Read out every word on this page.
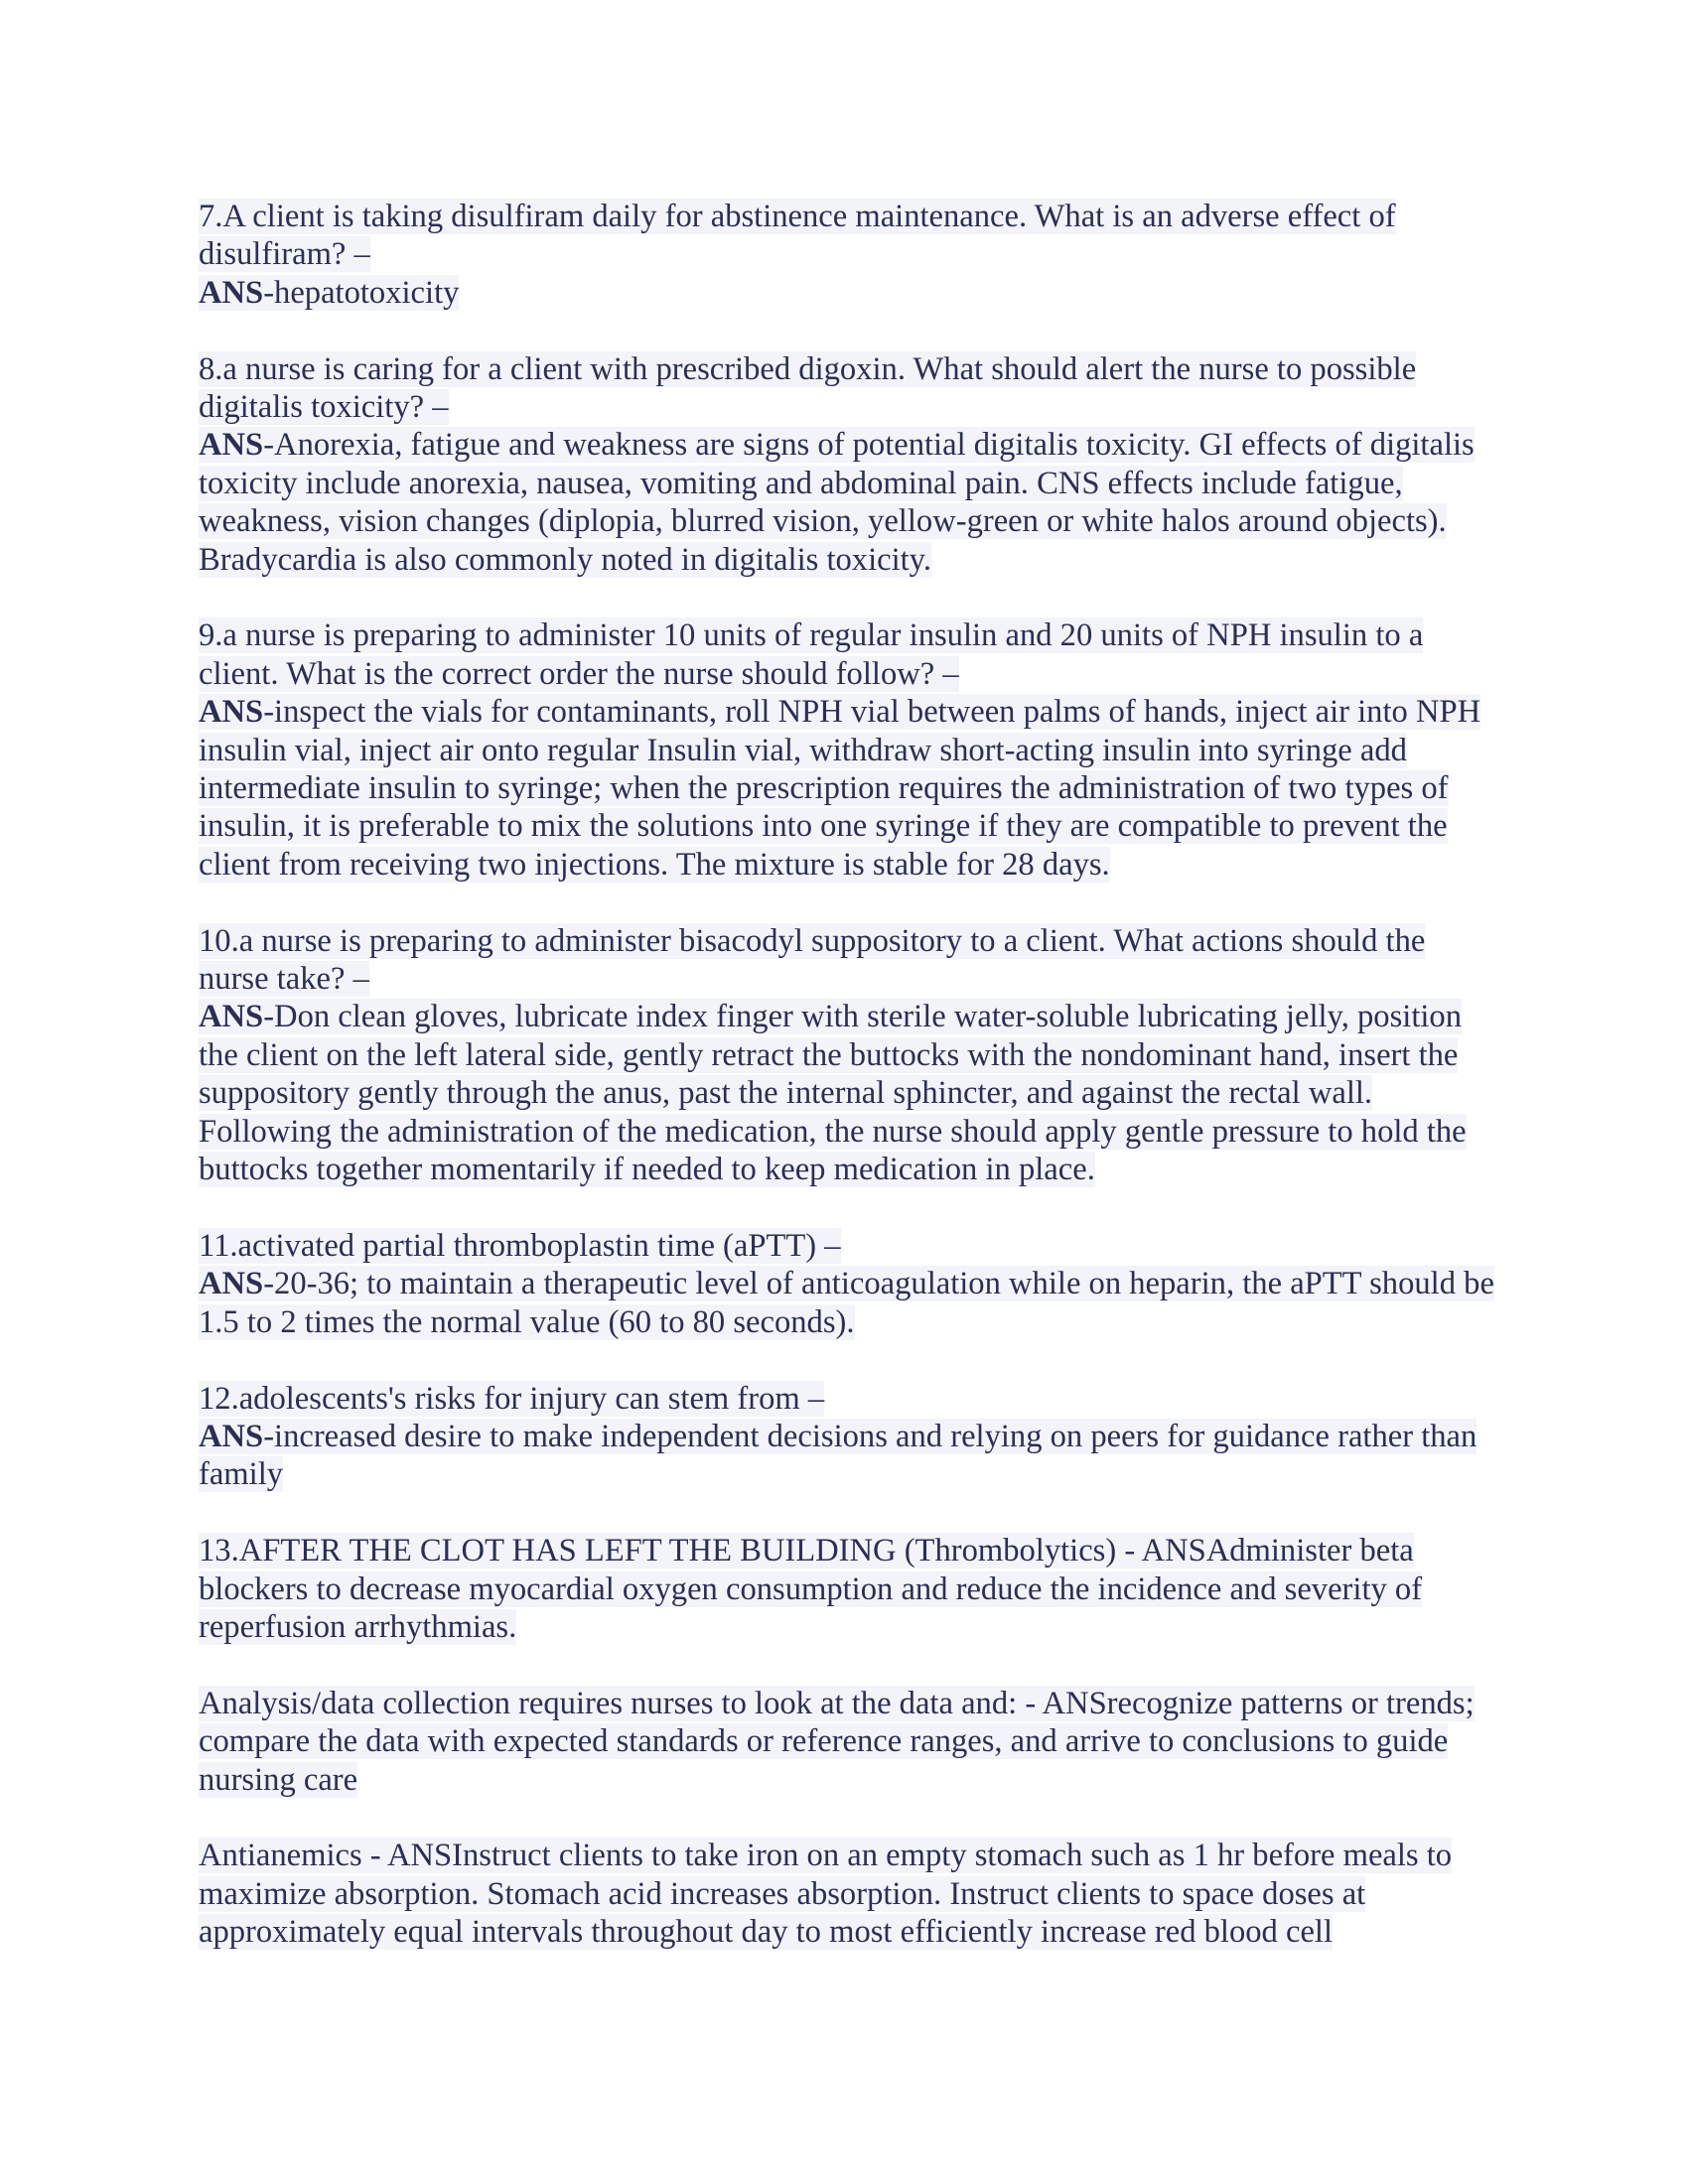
7.A client is taking disulfiram daily for abstinence maintenance. What is an adverse effect of disulfiram? –
ANS-hepatotoxicity
8.a nurse is caring for a client with prescribed digoxin. What should alert the nurse to possible digitalis toxicity? –
ANS-Anorexia, fatigue and weakness are signs of potential digitalis toxicity. GI effects of digitalis toxicity include anorexia, nausea, vomiting and abdominal pain. CNS effects include fatigue, weakness, vision changes (diplopia, blurred vision, yellow-green or white halos around objects). Bradycardia is also commonly noted in digitalis toxicity.
9.a nurse is preparing to administer 10 units of regular insulin and 20 units of NPH insulin to a client. What is the correct order the nurse should follow? –
ANS-inspect the vials for contaminants, roll NPH vial between palms of hands, inject air into NPH insulin vial, inject air onto regular Insulin vial, withdraw short-acting insulin into syringe add intermediate insulin to syringe; when the prescription requires the administration of two types of insulin, it is preferable to mix the solutions into one syringe if they are compatible to prevent the client from receiving two injections. The mixture is stable for 28 days.
10.a nurse is preparing to administer bisacodyl suppository to a client. What actions should the nurse take? –
ANS-Don clean gloves, lubricate index finger with sterile water-soluble lubricating jelly, position the client on the left lateral side, gently retract the buttocks with the nondominant hand, insert the suppository gently through the anus, past the internal sphincter, and against the rectal wall. Following the administration of the medication, the nurse should apply gentle pressure to hold the buttocks together momentarily if needed to keep medication in place.
11.activated partial thromboplastin time (aPTT) –
ANS-20-36; to maintain a therapeutic level of anticoagulation while on heparin, the aPTT should be 1.5 to 2 times the normal value (60 to 80 seconds).
12.adolescents's risks for injury can stem from –
ANS-increased desire to make independent decisions and relying on peers for guidance rather than family
13.AFTER THE CLOT HAS LEFT THE BUILDING (Thrombolytics) - ANSAdminister beta blockers to decrease myocardial oxygen consumption and reduce the incidence and severity of reperfusion arrhythmias.
Analysis/data collection requires nurses to look at the data and: - ANSrecognize patterns or trends; compare the data with expected standards or reference ranges, and arrive to conclusions to guide nursing care
Antianemics - ANSInstruct clients to take iron on an empty stomach such as 1 hr before meals to maximize absorption. Stomach acid increases absorption. Instruct clients to space doses at approximately equal intervals throughout day to most efficiently increase red blood cell
